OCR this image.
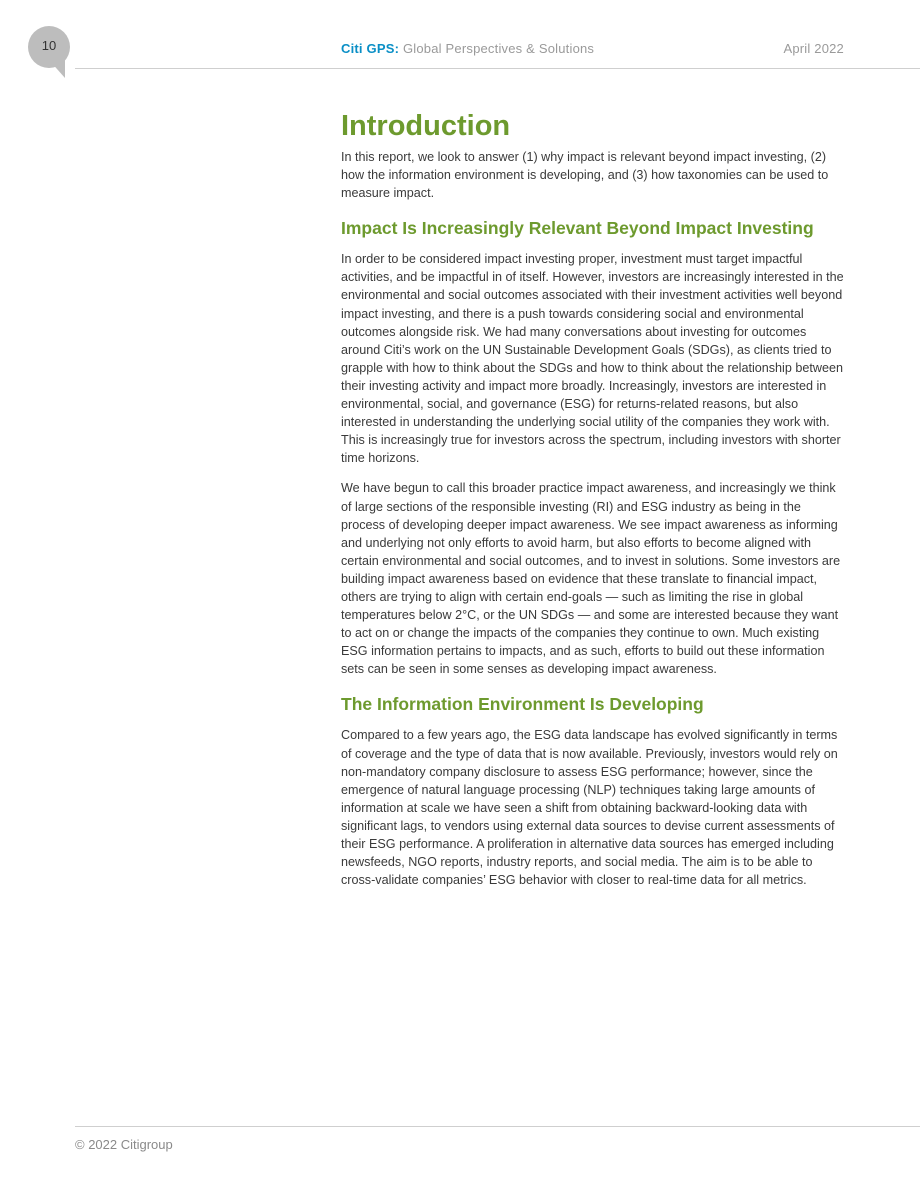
10	Citi GPS: Global Perspectives & Solutions	April 2022
Introduction

In this report, we look to answer (1) why impact is relevant beyond impact investing, (2) how the information environment is developing, and (3) how taxonomies can be used to measure impact.

Impact Is Increasingly Relevant Beyond Impact Investing

In order to be considered impact investing proper, investment must target impactful activities, and be impactful in of itself. However, investors are increasingly interested in the environmental and social outcomes associated with their investment activities well beyond impact investing, and there is a push towards considering social and environmental outcomes alongside risk. We had many conversations about investing for outcomes around Citi’s work on the UN Sustainable Development Goals (SDGs), as clients tried to grapple with how to think about the SDGs and how to think about the relationship between their investing activity and impact more broadly. Increasingly, investors are interested in environmental, social, and governance (ESG) for returns-related reasons, but also interested in understanding the underlying social utility of the companies they work with. This is increasingly true for investors across the spectrum, including investors with shorter time horizons.

We have begun to call this broader practice impact awareness, and increasingly we think of large sections of the responsible investing (RI) and ESG industry as being in the process of developing deeper impact awareness. We see impact awareness as informing and underlying not only efforts to avoid harm, but also efforts to become aligned with certain environmental and social outcomes, and to invest in solutions. Some investors are building impact awareness based on evidence that these translate to financial impact, others are trying to align with certain end-goals — such as limiting the rise in global temperatures below 2°C, or the UN SDGs — and some are interested because they want to act on or change the impacts of the companies they continue to own. Much existing ESG information pertains to impacts, and as such, efforts to build out these information sets can be seen in some senses as developing impact awareness.

The Information Environment Is Developing

Compared to a few years ago, the ESG data landscape has evolved significantly in terms of coverage and the type of data that is now available. Previously, investors would rely on non-mandatory company disclosure to assess ESG performance; however, since the emergence of natural language processing (NLP) techniques taking large amounts of information at scale we have seen a shift from obtaining backward-looking data with significant lags, to vendors using external data sources to devise current assessments of their ESG performance. A proliferation in alternative data sources has emerged including newsfeeds, NGO reports, industry reports, and social media. The aim is to be able to cross-validate companies’ ESG behavior with closer to real-time data for all metrics.

© 2022 Citigroup
